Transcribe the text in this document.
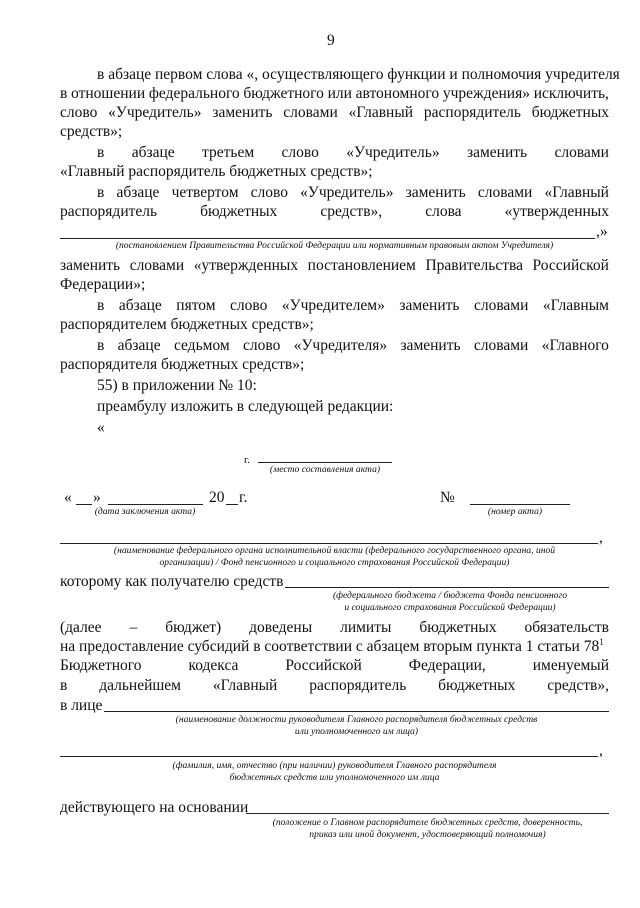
9
в абзаце первом слова «, осуществляющего функции и полномочия учредителя
в отношении федерального бюджетного или автономного учреждения» исключить,
слово «Учредитель» заменить словами «Главный распорядитель бюджетных
средств»;
в абзаце третьем слово «Учредитель» заменить словами
«Главный распорядитель бюджетных средств»;
в абзаце четвертом слово «Учредитель» заменить словами «Главный
распорядитель	бюджетных	средств»,	слова	«утвержденных
,»
(постановлением Правительства Российской Федерации или нормативным правовым актом Учредителя)
заменить словами «утвержденных постановлением Правительства Российской
Федерации»;
в абзаце пятом слово «Учредителем» заменить словами «Главным
распорядителем бюджетных средств»;
в абзаце седьмом слово «Учредителя» заменить словами «Главного
распорядителя бюджетных средств»;
55) в приложении № 10:
преамбулу изложить в следующей редакции:
«
г.
(место составления акта)
« »	20 г.
(дата заключения акта)
№
(номер акта)
,
(наименование федерального органа исполнительной власти (федерального государственного органа, иной
организации) / Фонд пенсионного и социального страхования Российской Федерации)
которому как получателю средств
(федерального бюджета / бюджета Фонда пенсионного
и социального страхования Российской Федерации)
(далее – бюджет) доведены лимиты бюджетных обязательств
на предоставление субсидий в соответствии с абзацем вторым пункта 1 статьи $78^1$
Бюджетного	кодекса	Российской	Федерации,	именуемый
в дальнейшем «Главный распорядитель бюджетных средств»,
в лице
(наименование должности руководителя Главного распорядителя бюджетных средств
или уполномоченного им лица)
,
(фамилия, имя, отчество (при наличии) руководителя Главного распорядителя
бюджетных средств или уполномоченного им лица
действующего на основании
(положение о Главном распорядителе бюджетных средств, доверенность,
приказ или иной документ, удостоверяющий полномочия)
